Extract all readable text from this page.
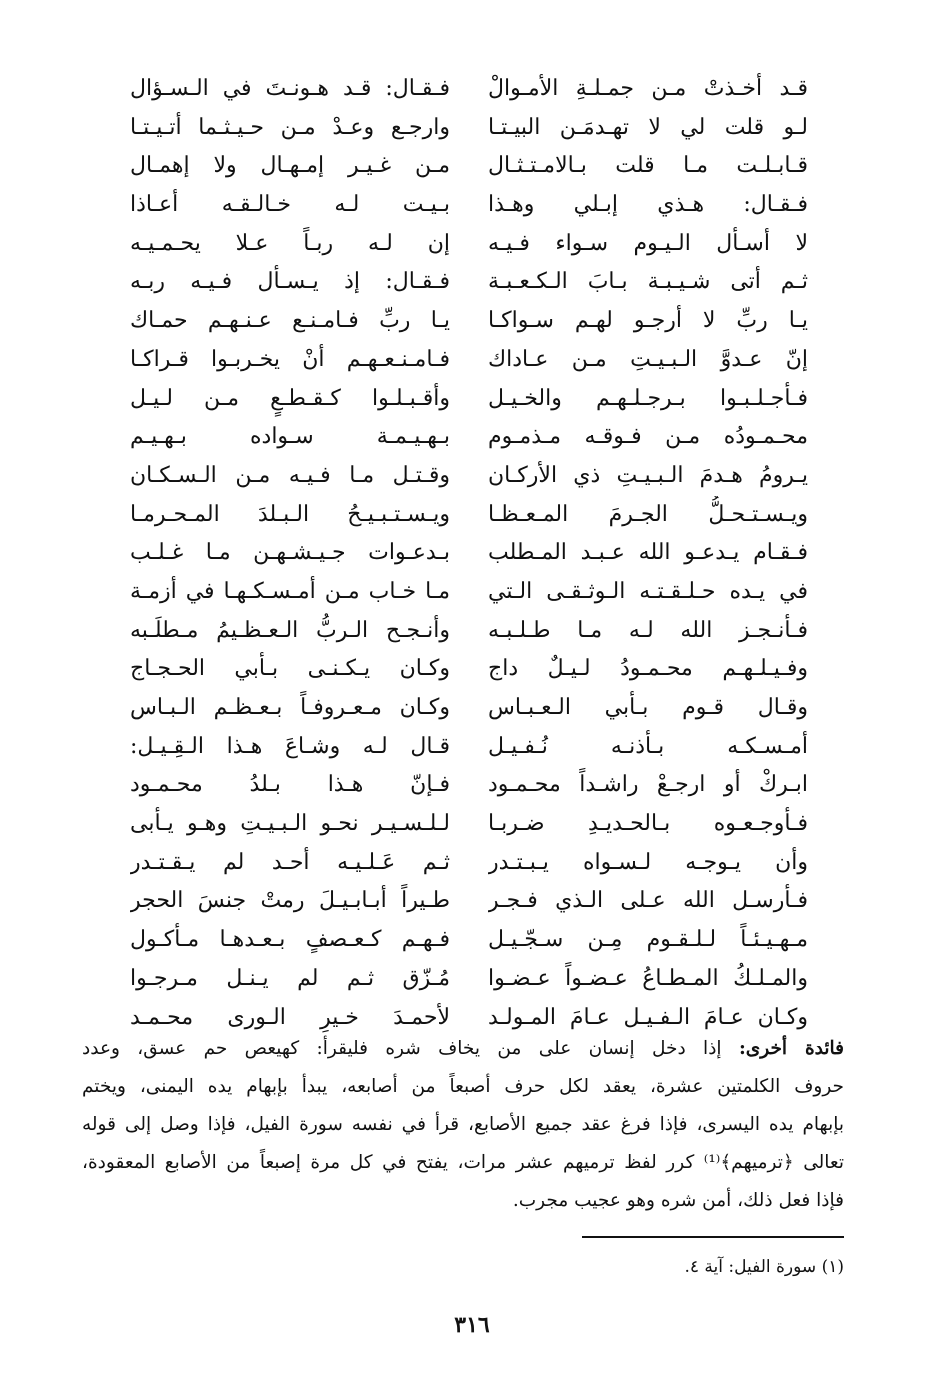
قـد أخـذتْ مـن جمـلـةِ الأمـوالْ
لـو قلت لي لا تهـدمَـن البيـتـا
قـابـلـت مـا قلت بـالامـتـثـال
فـقـال: هـذي إبـلي وهـذا
لا أسـأل الـيـوم سـواء فـيـه
ثـم أتى شـيـبـة بـابَ الـكـعـبـة
يـا ربِّ لا أرجـو لهـم سـواكـا
إنّ عـدوَّ الـبـيـتِ مـن عـاداك
فـأجـلـبـوا بـرجـلـهـم والخـيـل
محـمـودُه مـن فـوقـه مـذمـوم
يـرومُ هـدمَ الـبـيـتِ ذي الأركـان
ويـسـتـحـلُّ الجـرمَ المـعـظـا
فـقـام يـدعـو الله عـبـد المـطلب
في يـده حـلـقـتـه الـوثـقـى الـتي
فـأنـجـز الله لـه مـا طـلـبـه
وفـيـلـهـم محـمـودُ لـيـلٌ داج
وقـال قـوم بـأبي الـعـبـاس
أمـسـكـه بـأذنـه نُـفـيـل
ابـركْ أو ارجـعْ راشـداً محـمـود
فـأوجـعـوه بـالحـديـدِ ضـربـا
وأن يـوجـه لـسـواه يـبـتـدر
فـأرسـل الله عـلى الـذي فـجـر
مـهـيـئـاً لـلـقـوم مِـن سـجّـيـل
والمـلـكُ المـطـاعُ عـضـواً عـضـوا
وكـان عـامَ الـفـيـل عـامَ المـولـد
فـقـال: قـد هـونـتَ في الـسـؤال
وارجـع وعـدْ مـن حـيـثـما أتـيـتـا
مـن غـيـر إمـهـال ولا إهمـال
بـيـت لـه خـالـقـه أعـاذا
إن لـه ربـاً عـلا يحـمـيـه
فـقـال: إذ يـسـأل فـيـه ربـه
يـا ربِّ فـامـنـع عـنـهـم حمـاك
فـامـنـعـهـم أنْ يخـربـوا قـراكـا
وأقـبـلـوا كـقـطـعٍ مـن لـيـل
بـهـيـمـة سـواده بـهـيـم
وقـتـل مـا فـيـه مـن الـسـكـان
ويـسـتـبـيـحُ الـبـلدَ المـحـرمـا
بـدعـوات جـيـشـهـن مـا غـلـب
مـا خـاب مـن أمـسـكـهـا في أزمـة
وأنـجـح الـربُّ الـعـظـيمُ مـطلَـبه
وكـان يـكـنـى بـأبي الحـجـاج
وكـان مـعـروفـاً بـعـظـم الـبـاس
قـال لـه وشـاعَ هـذا الـقِـيـل:
فـإنّ هـذا بـلدُ محـمـود
لـلـسـيـر نحـو الـبـيـتِ وهـو يـأبى
ثـم عَـلـيـه أحـد لم يـقـتـدر
طـيراً أبـابـيـلَ رمتْ جنسَ الحجر
فـهـم كـعـصفٍ بـعـدهـا مـأكـول
مُـزّق ثـم لم يـنـل مـرجـوا
لأحمـدَ خـيرِ الـورى محـمـد
فائدة أخرى: إذا دخل إنسان على من يخاف شره فليقرأ: كهيعص حم عسق، وعدد
حروف الكلمتين عشرة، يعقد لكل حرف أصبعاً من أصابعه، يبدأ بإبهام يده اليمنى، ويختم
بإبهام يده اليسرى، فإذا فرغ عقد جميع الأصابع، قرأ في نفسه سورة الفيل، فإذا وصل إلى قوله
تعالى ﴿ترميهم﴾⁽¹⁾ كرر لفظ ترميهم عشر مرات، يفتح في كل مرة إصبعاً من الأصابع المعقودة،
فإذا فعل ذلك، أمن شره وهو عجيب مجرب.
(١) سورة الفيل: آية ٤.
٣١٦
